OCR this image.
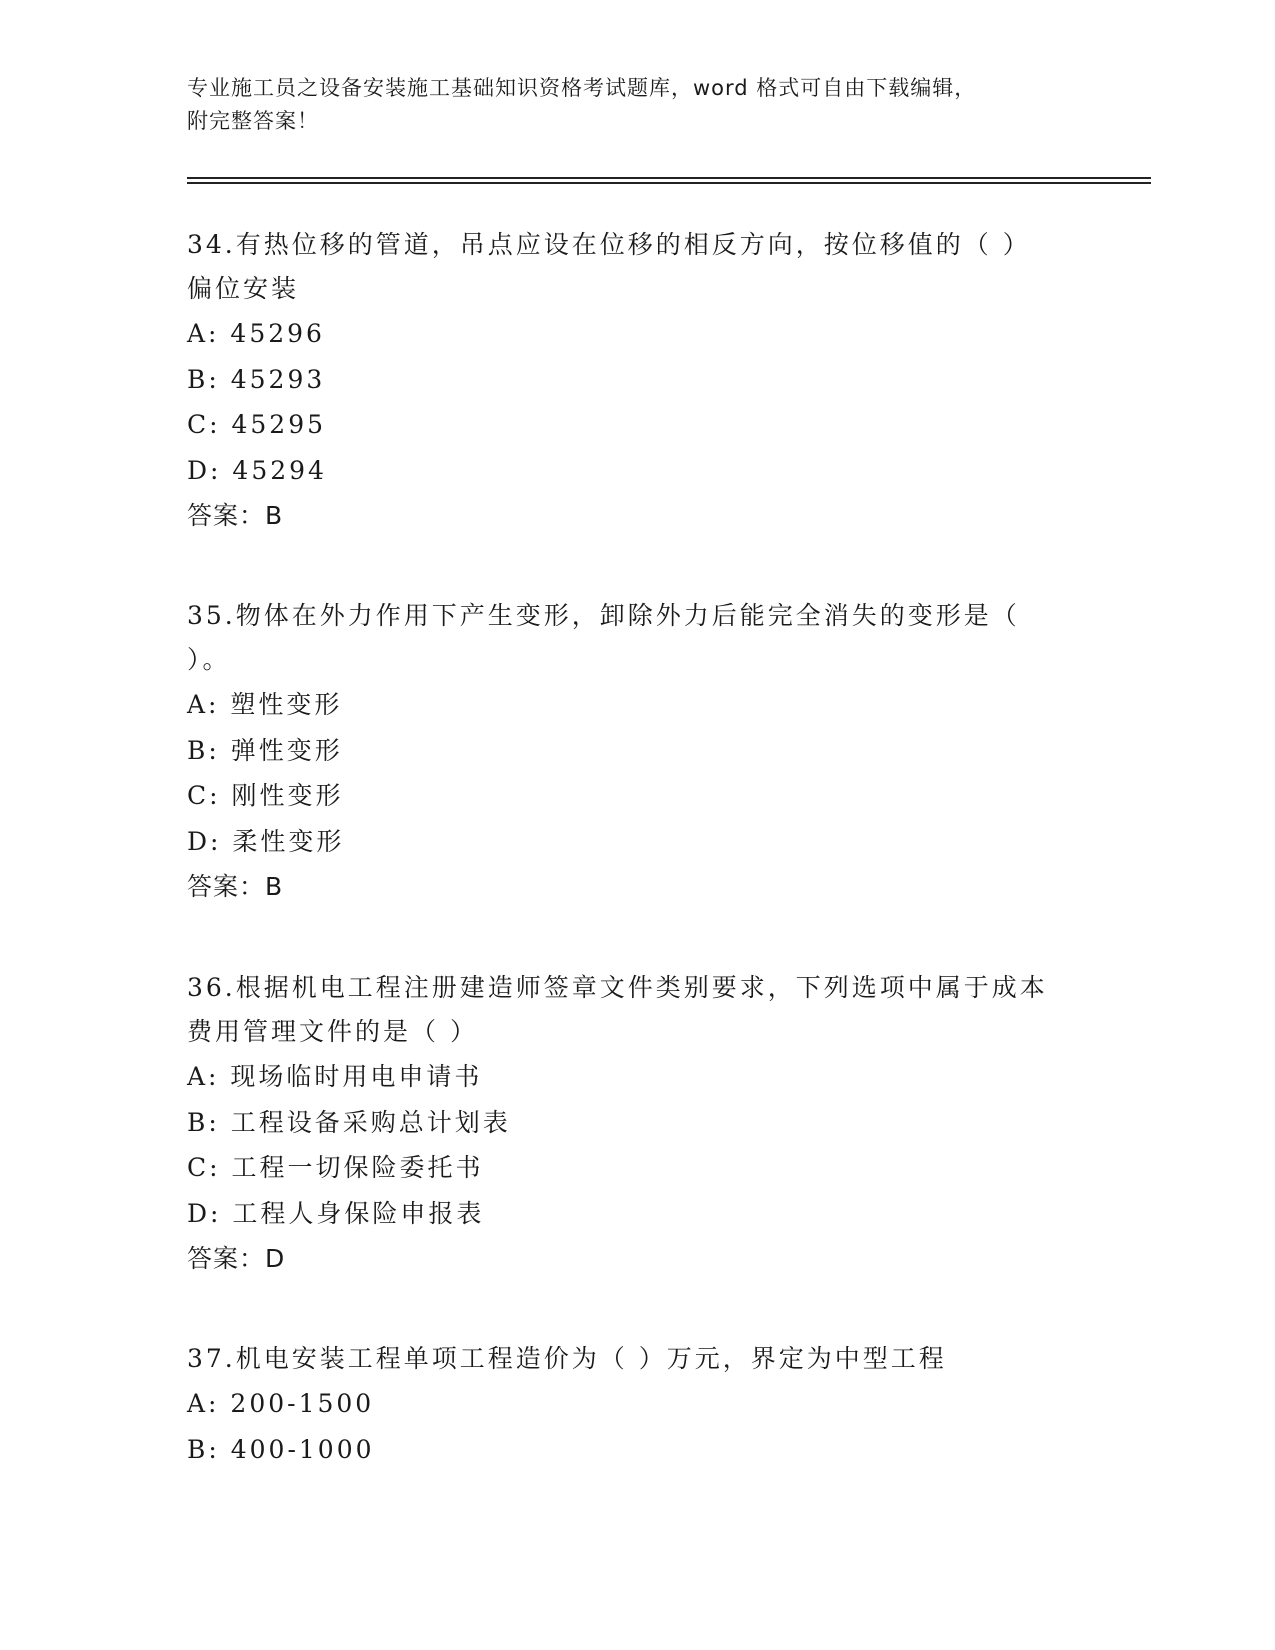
专业施工员之设备安装施工基础知识资格考试题库，word 格式可自由下载编辑，
附完整答案！

34.有热位移的管道，吊点应设在位移的相反方向，按位移值的（ ）

偏位安装

A: 45296

B: 45293

C: 45295

D: 45294

答案：B

35.物体在外力作用下产生变形，卸除外力后能完全消失的变形是（

）。

A: 塑性变形

B: 弹性变形

C: 刚性变形

D: 柔性变形

答案：B

36.根据机电工程注册建造师签章文件类别要求，下列选项中属于成本

费用管理文件的是（ ）

A: 现场临时用电申请书

B: 工程设备采购总计划表

C: 工程一切保险委托书

D: 工程人身保险申报表

答案：D

37.机电安装工程单项工程造价为（ ）万元，界定为中型工程

A: 200-1500

B: 400-1000
